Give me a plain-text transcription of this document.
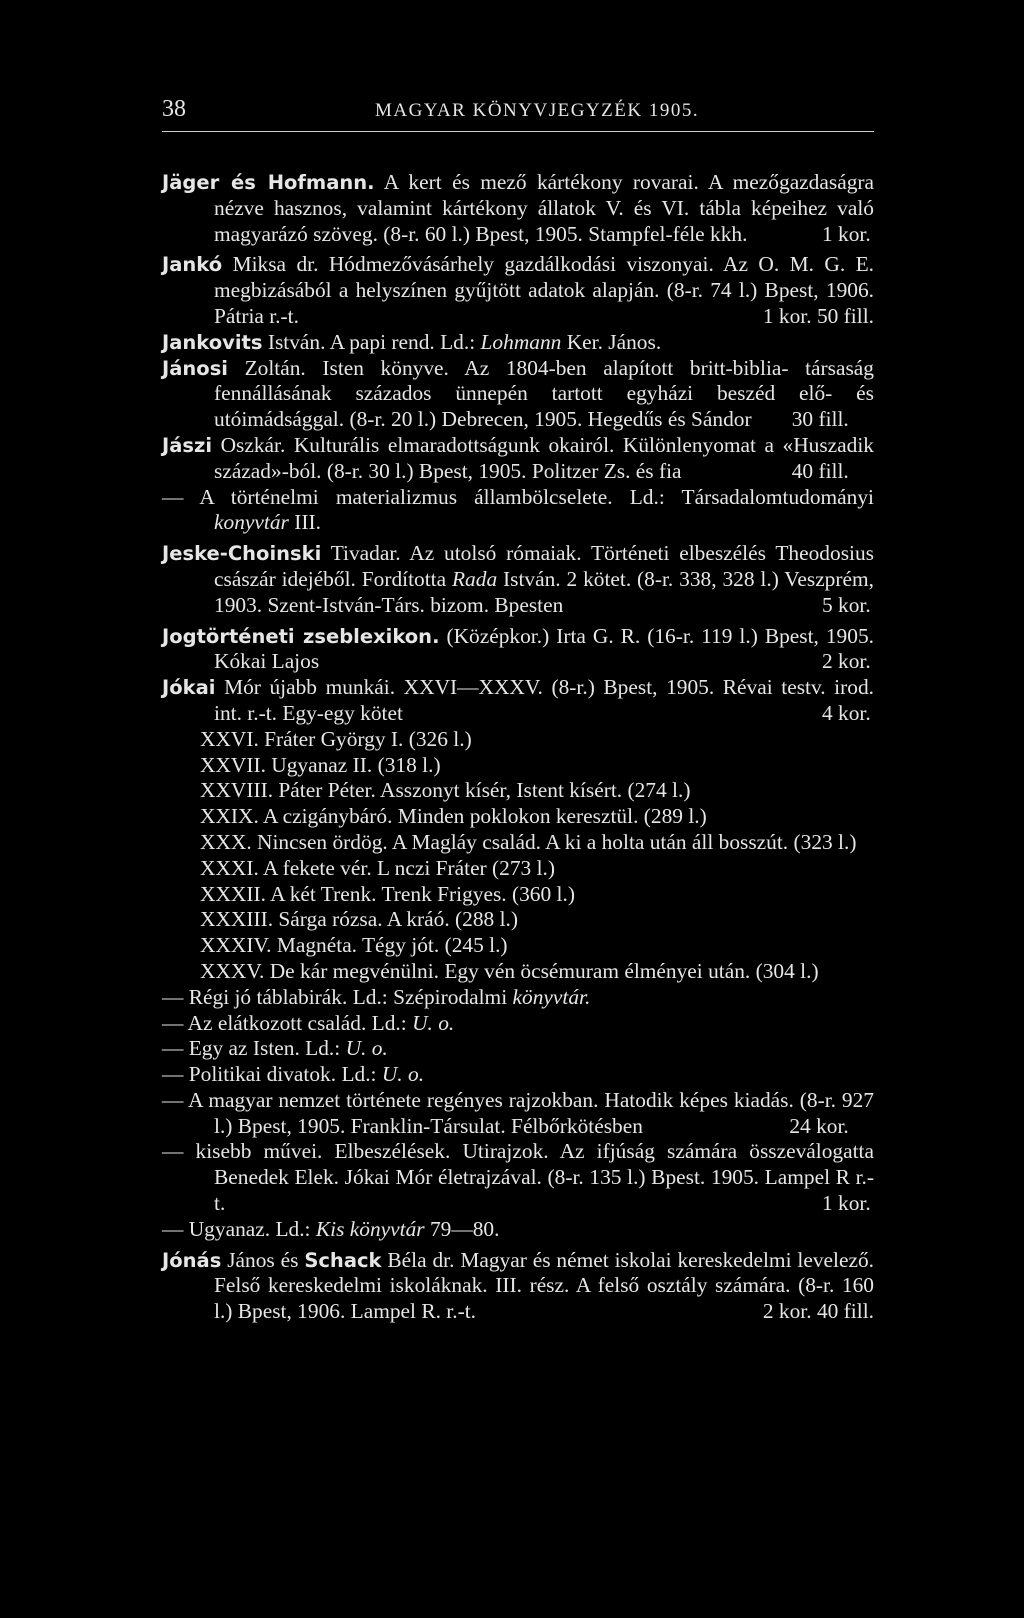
38	MAGYAR KÖNYVJEGYZÉK 1905.

Jäger és Hofmann. A kert és mező kártékony rovarai. A mezőgazdaságra nézve hasznos, valamint kártékony állatok V. és VI. tábla képeihez való magyarázó szöveg. (8-r. 60 l.) Bpest, 1905. Stampfel-féle kkh.	1 kor.

Jankó Miksa dr. Hódmezővásárhely gazdálkodási viszonyai. Az O. M. G. E. megbizásából a helyszínen gyűjtött adatok alapján. (8-r. 74 l.) Bpest, 1906. Pátria r.-t.	1 kor. 50 fill.

Jankovits István. A papi rend. Ld.: Lohmann Ker. János.

Jánosi Zoltán. Isten könyve. Az 1804-ben alapított britt-biblia- társaság fennállásának százados ünnepén tartott egyházi beszéd elő- és utóimádsággal. (8-r. 20 l.) Debrecen, 1905. Hegedűs és Sándor 30 fill.

Jászi Oszkár. Kulturális elmaradottságunk okairól. Különlenyomat a «Huszadik század»-ból. (8-r. 30 l.) Bpest, 1905. Politzer Zs. és fia	40 fill.

— A történelmi materializmus állambölcselete. Ld.: Társadalomtudományi konyvtár III.

Jeske-Choinski Tivadar. Az utolsó rómaiak. Történeti elbeszélés Theodosius császár idejéből. Fordította Rada István. 2 kötet. (8-r. 338, 328 l.) Veszprém, 1903. Szent-István-Társ. bizom. Bpesten	5 kor.

Jogtörténeti zseblexikon. (Középkor.) Irta G. R. (16-r. 119 l.) Bpest, 1905. Kókai Lajos	2 kor.

Jókai Mór újabb munkái. XXVI—XXXV. (8-r.) Bpest, 1905. Révai testv. irod. int. r.-t. Egy-egy kötet	4 kor.

XXVI. Fráter György I. (326 l.)

XXVII. Ugyanaz II. (318 l.)

XXVIII. Páter Péter. Asszonyt kísér, Istent kísért. (274 l.)

XXIX. A czigánybáró. Minden poklokon keresztül. (289 l.)

XXX. Nincsen ördög. A Magláy család. A ki a holta után áll bosszút. (323 l.)

XXXI. A fekete vér. L nczi Fráter (273 l.)

XXXII. A két Trenk. Trenk Frigyes. (360 l.)

XXXIII. Sárga rózsa. A kráó. (288 l.)

XXXIV. Magnéta. Tégy jót. (245 l.)

XXXV. De kár megvénülni. Egy vén öcsémuram élményei után. (304 l.)

— Régi jó táblabirák. Ld.: Szépirodalmi könyvtár.

— Az elátkozott család. Ld.: U. o.

— Egy az Isten. Ld.: U. o.

— Politikai divatok. Ld.: U. o.

— A magyar nemzet története regényes rajzokban. Hatodik képes kiadás. (8-r. 927 l.) Bpest, 1905. Franklin-Társulat. Félbőrkötésben	24 kor.

— kisebb művei. Elbeszélések. Utirajzok. Az ifjúság számára összeválogatta Benedek Elek. Jókai Mór életrajzával. (8-r. 135 l.) Bpest. 1905. Lampel R r.-t.	1 kor.

— Ugyanaz. Ld.: Kis könyvtár 79—80.

Jónás János és Schack Béla dr. Magyar és német iskolai kereskedelmi levelező. Felső kereskedelmi iskoláknak. III. rész. A felső osztály számára. (8-r. 160 l.) Bpest, 1906. Lampel R. r.-t.	2 kor. 40 fill.
